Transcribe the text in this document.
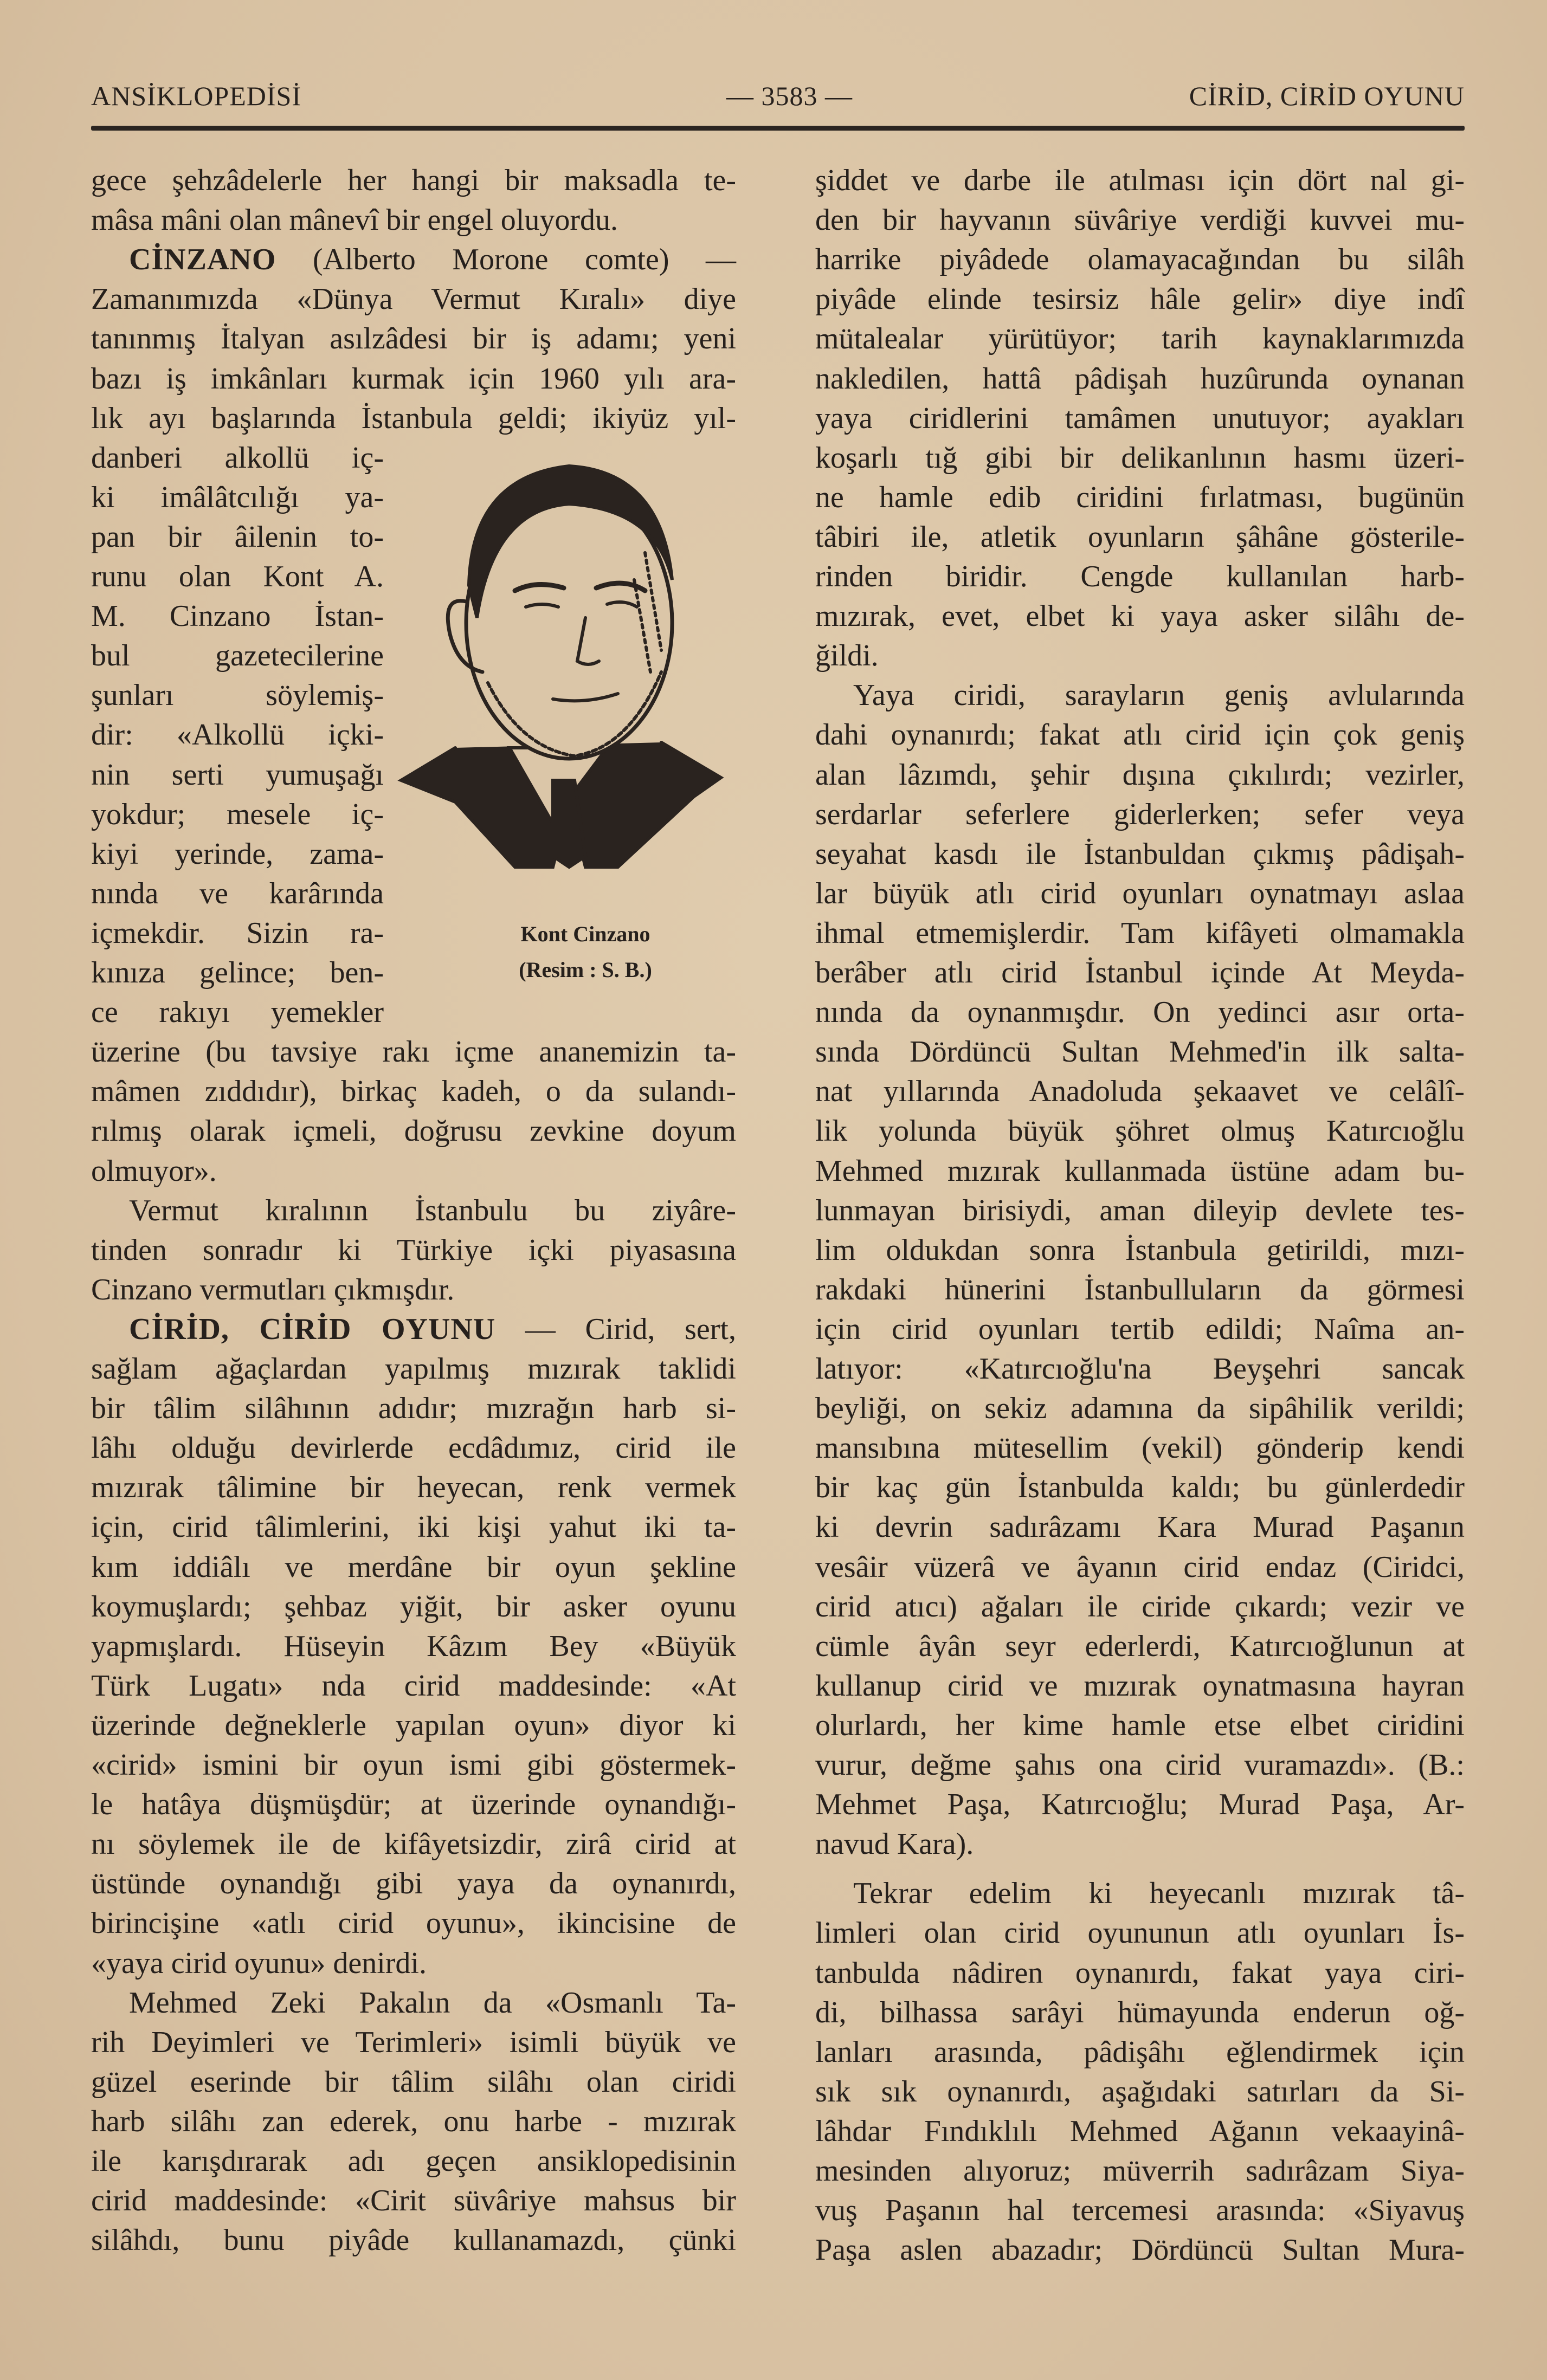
ANSİKLOPEDİSİ	— 3583 —	CİRİD, CİRİD OYUNU
gece şehzâdelerle her hangi bir maksadla te-
mâsa mâni olan mânevî bir engel oluyordu.
CİNZANO (Alberto Morone comte) —
Zamanımızda «Dünya Vermut Kıralı» diye
tanınmış İtalyan asılzâdesi bir iş adamı; yeni
bazı iş imkânları kurmak için 1960 yılı ara-
lık ayı başlarında İstanbula geldi; ikiyüz yıl-
danberi alkollü iç-
ki imâlâtcılığı ya-
pan bir âilenin to-
runu olan Kont A.
M. Cinzano İstan-
bul gazetecilerine
şunları söylemiş-
dir: «Alkollü içki-
nin serti yumuşağı
yokdur; mesele iç-
kiyi yerinde, zama-
nında ve karârında
içmekdir. Sizin ra-
kınıza gelince; ben-
ce rakıyı yemekler
üzerine (bu tavsiye rakı içme ananemizin ta-
mâmen zıddıdır), birkaç kadeh, o da sulandı-
rılmış olarak içmeli, doğrusu zevkine doyum
olmuyor».
Vermut kıralının İstanbulu bu ziyâre-
tinden sonradır ki Türkiye içki piyasasına
Cinzano vermutları çıkmışdır.
CİRİD, CİRİD OYUNU — Cirid, sert,
sağlam ağaçlardan yapılmış mızırak taklidi
bir tâlim silâhının adıdır; mızrağın harb si-
lâhı olduğu devirlerde ecdâdımız, cirid ile
mızırak tâlimine bir heyecan, renk vermek
için, cirid tâlimlerini, iki kişi yahut iki ta-
kım iddiâlı ve merdâne bir oyun şekline
koymuşlardı; şehbaz yiğit, bir asker oyunu
yapmışlardı. Hüseyin Kâzım Bey «Büyük
Türk Lugatı» nda cirid maddesinde: «At
üzerinde değneklerle yapılan oyun» diyor ki
«cirid» ismini bir oyun ismi gibi göstermek-
le hatâya düşmüşdür; at üzerinde oynandığı-
nı söylemek ile de kifâyetsizdir, zirâ cirid at
üstünde oynandığı gibi yaya da oynanırdı,
birincişine «atlı cirid oyunu», ikincisine de
«yaya cirid oyunu» denirdi.
Mehmed Zeki Pakalın da «Osmanlı Ta-
rih Deyimleri ve Terimleri» isimli büyük ve
güzel eserinde bir tâlim silâhı olan ciridi
harb silâhı zan ederek, onu harbe - mızırak
ile karışdırarak adı geçen ansiklopedisinin
cirid maddesinde: «Cirit süvâriye mahsus bir
silâhdı, bunu piyâde kullanamazdı, çünki
şiddet ve darbe ile atılması için dört nal gi-
den bir hayvanın süvâriye verdiği kuvvei mu-
harrike piyâdede olamayacağından bu silâh
piyâde elinde tesirsiz hâle gelir» diye indî
mütalealar yürütüyor; tarih kaynaklarımızda
nakledilen, hattâ pâdişah huzûrunda oynanan
yaya ciridlerini tamâmen unutuyor; ayakları
koşarlı tığ gibi bir delikanlının hasmı üzeri-
ne hamle edib ciridini fırlatması, bugünün
tâbiri ile, atletik oyunların şâhâne gösterile-
rinden biridir. Cengde kullanılan harb-
mızırak, evet, elbet ki yaya asker silâhı de-
ğildi.
Yaya ciridi, sarayların geniş avlularında
dahi oynanırdı; fakat atlı cirid için çok geniş
alan lâzımdı, şehir dışına çıkılırdı; vezirler,
serdarlar seferlere giderlerken; sefer veya
seyahat kasdı ile İstanbuldan çıkmış pâdişah-
lar büyük atlı cirid oyunları oynatmayı aslaa
ihmal etmemişlerdir. Tam kifâyeti olmamakla
berâber atlı cirid İstanbul içinde At Meyda-
nında da oynanmışdır. On yedinci asır orta-
sında Dördüncü Sultan Mehmed'in ilk salta-
nat yıllarında Anadoluda şekaavet ve celâlî-
lik yolunda büyük şöhret olmuş Katırcıoğlu
Mehmed mızırak kullanmada üstüne adam bu-
lunmayan birisiydi, aman dileyip devlete tes-
lim oldukdan sonra İstanbula getirildi, mızı-
rakdaki hünerini İstanbulluların da görmesi
için cirid oyunları tertib edildi; Naîma an-
latıyor: «Katırcıoğlu'na Beyşehri sancak
beyliği, on sekiz adamına da sipâhilik verildi;
mansıbına mütesellim (vekil) gönderip kendi
bir kaç gün İstanbulda kaldı; bu günlerdedir
ki devrin sadırâzamı Kara Murad Paşanın
vesâir vüzerâ ve âyanın cirid endaz (Ciridci,
cirid atıcı) ağaları ile ciride çıkardı; vezir ve
cümle âyân seyr ederlerdi, Katırcıoğlunun at
kullanup cirid ve mızırak oynatmasına hayran
olurlardı, her kime hamle etse elbet ciridini
vurur, değme şahıs ona cirid vuramazdı». (B.:
Mehmet Paşa, Katırcıoğlu; Murad Paşa, Ar-
navud Kara).
Tekrar edelim ki heyecanlı mızırak tâ-
limleri olan cirid oyununun atlı oyunları İs-
tanbulda nâdiren oynanırdı, fakat yaya ciri-
di, bilhassa sarâyi hümayunda enderun oğ-
lanları arasında, pâdişâhı eğlendirmek için
sık sık oynanırdı, aşağıdaki satırları da Si-
lâhdar Fındıklılı Mehmed Ağanın vekaayinâ-
mesinden alıyoruz; müverrih sadırâzam Siya-
vuş Paşanın hal tercemesi arasında: «Siyavuş
Paşa aslen abazadır; Dördüncü Sultan Mura-
Kont Cinzano
(Resim : S. B.)
